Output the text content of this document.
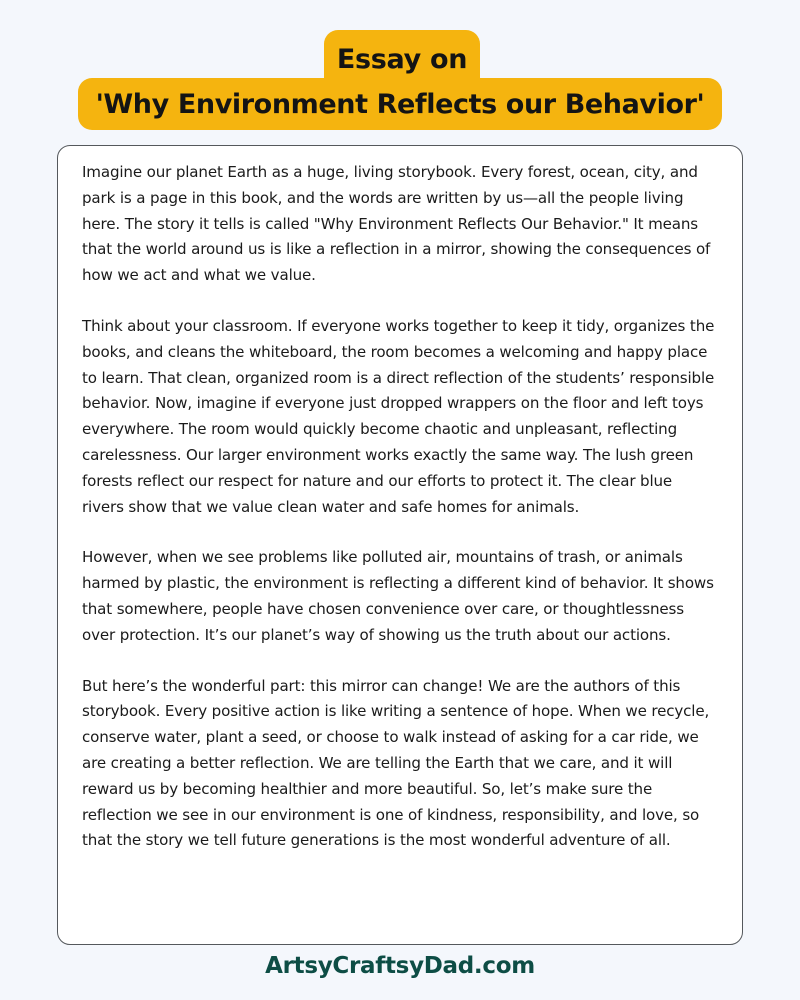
Essay on
'Why Environment Reflects our Behavior'

Imagine our planet Earth as a huge, living storybook. Every forest, ocean, city, and park is a page in this book, and the words are written by us—all the people living here. The story it tells is called "Why Environment Reflects Our Behavior." It means that the world around us is like a reflection in a mirror, showing the consequences of how we act and what we value.

Think about your classroom. If everyone works together to keep it tidy, organizes the books, and cleans the whiteboard, the room becomes a welcoming and happy place to learn. That clean, organized room is a direct reflection of the students’ responsible behavior. Now, imagine if everyone just dropped wrappers on the floor and left toys everywhere. The room would quickly become chaotic and unpleasant, reflecting carelessness. Our larger environment works exactly the same way. The lush green forests reflect our respect for nature and our efforts to protect it. The clear blue rivers show that we value clean water and safe homes for animals.

However, when we see problems like polluted air, mountains of trash, or animals harmed by plastic, the environment is reflecting a different kind of behavior. It shows that somewhere, people have chosen convenience over care, or thoughtlessness over protection. It’s our planet’s way of showing us the truth about our actions.

But here’s the wonderful part: this mirror can change! We are the authors of this storybook. Every positive action is like writing a sentence of hope. When we recycle, conserve water, plant a seed, or choose to walk instead of asking for a car ride, we are creating a better reflection. We are telling the Earth that we care, and it will reward us by becoming healthier and more beautiful. So, let’s make sure the reflection we see in our environment is one of kindness, responsibility, and love, so that the story we tell future generations is the most wonderful adventure of all.

ArtsyCraftsyDad.com
